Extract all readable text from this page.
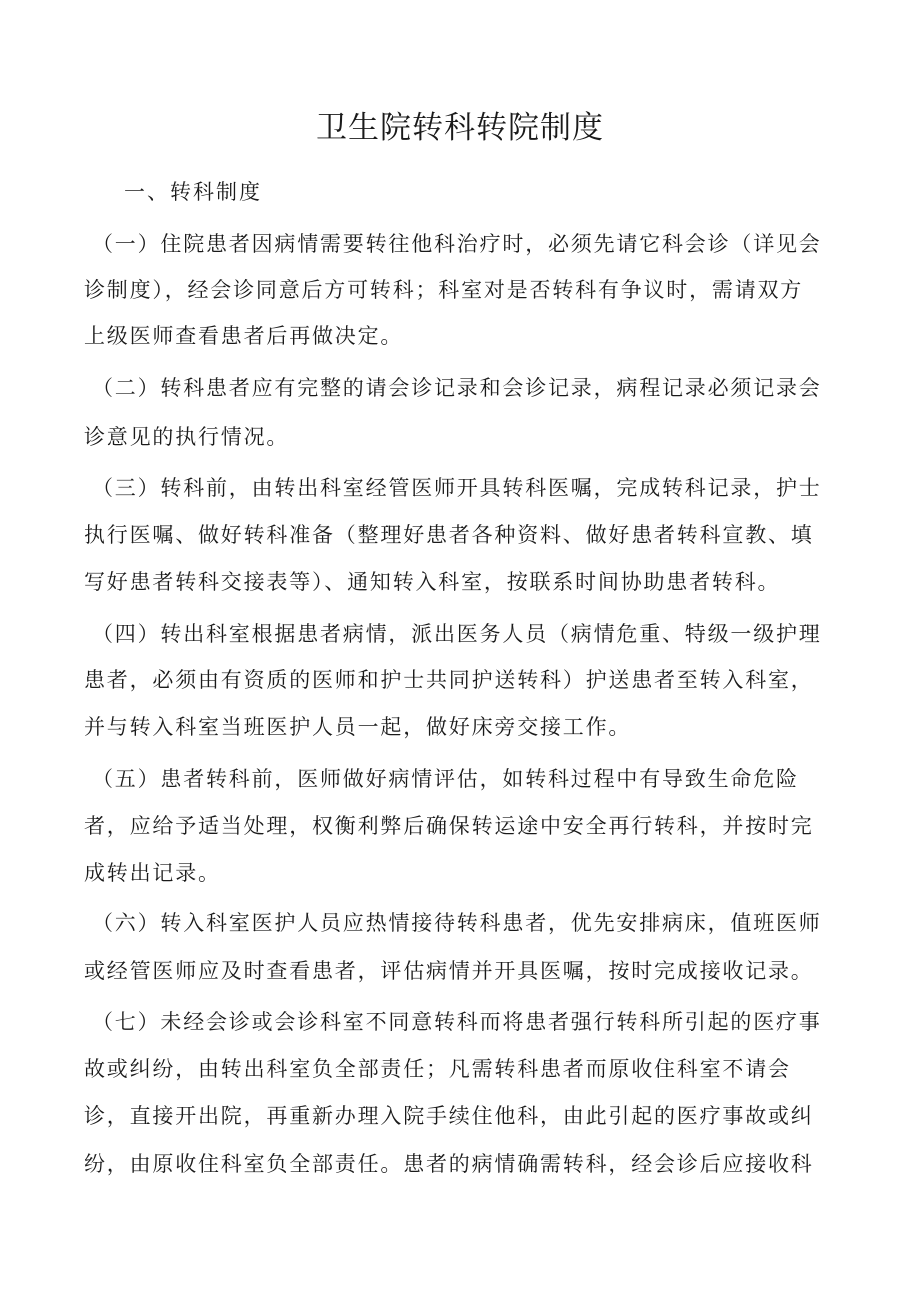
卫生院转科转院制度
一、转科制度

（一）住院患者因病情需要转往他科治疗时，必须先请它科会诊（详见会

诊制度），经会诊同意后方可转科；科室对是否转科有争议时，需请双方

上级医师查看患者后再做决定。

（二）转科患者应有完整的请会诊记录和会诊记录，病程记录必须记录会

诊意见的执行情况。

（三）转科前，由转出科室经管医师开具转科医嘱，完成转科记录，护士

执行医嘱、做好转科准备（整理好患者各种资料、做好患者转科宣教、填

写好患者转科交接表等）、通知转入科室，按联系时间协助患者转科。

（四）转出科室根据患者病情，派出医务人员（病情危重、特级一级护理

患者，必须由有资质的医师和护士共同护送转科）护送患者至转入科室，

并与转入科室当班医护人员一起，做好床旁交接工作。

（五）患者转科前，医师做好病情评估，如转科过程中有导致生命危险

者，应给予适当处理，权衡利弊后确保转运途中安全再行转科，并按时完

成转出记录。

（六）转入科室医护人员应热情接待转科患者，优先安排病床，值班医师

或经管医师应及时查看患者，评估病情并开具医嘱，按时完成接收记录。

（七）未经会诊或会诊科室不同意转科而将患者强行转科所引起的医疗事

故或纠纷，由转出科室负全部责任；凡需转科患者而原收住科室不请会

诊，直接开出院，再重新办理入院手续住他科，由此引起的医疗事故或纠

纷，由原收住科室负全部责任。患者的病情确需转科，经会诊后应接收科
